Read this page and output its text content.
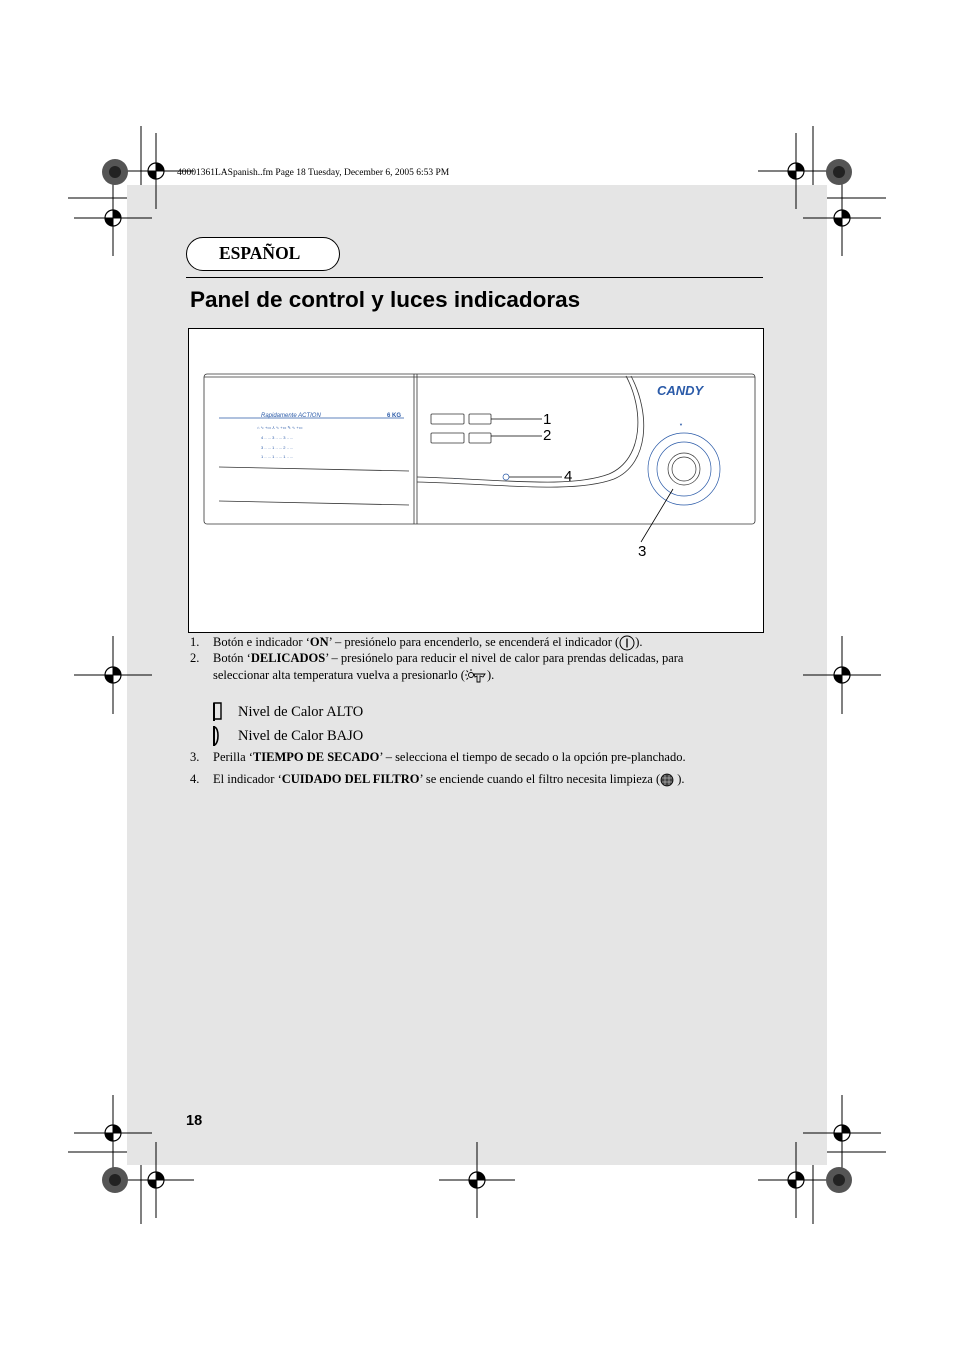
40001361LASpanish..fm Page 18 Tuesday, December 6, 2005 6:53 PM
ESPAÑOL
Panel de control y luces indicadoras
▼
Rapidamente ACTION	6 KG
⌂ ∿ +▭ ⅄ ∿ +▭ ✎ ∿ +▭
4 .. ... 3 .. ... 3 .. ...
3 .. ... 1 .. ... 2 .. ...
1 .. ... 1 .. ... 1 .. ...
.....
CANDY
1
2
3
4
1.	Botón e indicador ‘ON’ – presiónelo para encenderlo, se encenderá el indicador ( ).
2.	Botón ‘DELICADOS’ – presiónelo para reducir el nivel de calor para prendas delicadas, para
seleccionar alta temperatura vuelva a presionarlo ( ).
Nivel de Calor ALTO
Nivel de Calor BAJO
3.	Perilla ‘TIEMPO DE SECADO’ – selecciona el tiempo de secado o la opción pre-planchado.
4.	El indicador ‘CUIDADO DEL FILTRO’ se enciende cuando el filtro necesita limpieza ( ).
18
